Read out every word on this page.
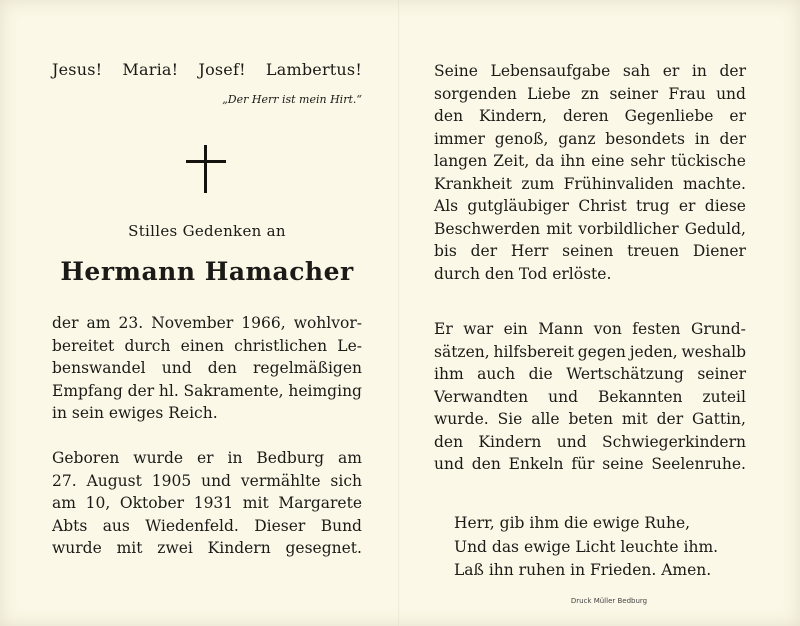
Jesus! Maria! Josef! Lambertus!
„Der Herr ist mein Hirt.“
Stilles Gedenken an
Hermann Hamacher
der am 23. November 1966, wohlvor-
bereitet durch einen christlichen Le-
benswandel und den regelmäßigen
Empfang der hl. Sakramente, heimging
in sein ewiges Reich.
Geboren wurde er in Bedburg am
27. August 1905 und vermählte sich
am 10, Oktober 1931 mit Margarete
Abts aus Wiedenfeld. Dieser Bund
wurde mit zwei Kindern gesegnet.
Seine Lebensaufgabe sah er in der
sorgenden Liebe zn seiner Frau und
den Kindern, deren Gegenliebe er
immer genoß, ganz besondets in der
langen Zeit, da ihn eine sehr tückische
Krankheit zum Frühinvaliden machte.
Als gutgläubiger Christ trug er diese
Beschwerden mit vorbildlicher Geduld,
bis der Herr seinen treuen Diener
durch den Tod erlöste.
Er war ein Mann von festen Grund-
sätzen, hilfsbereit gegen jeden, weshalb
ihm auch die Wertschätzung seiner
Verwandten und Bekannten zuteil
wurde. Sie alle beten mit der Gattin,
den Kindern und Schwiegerkindern
und den Enkeln für seine Seelenruhe.
Herr, gib ihm die ewige Ruhe,
Und das ewige Licht leuchte ihm.
Laß ihn ruhen in Frieden. Amen.
Druck Müller Bedburg
